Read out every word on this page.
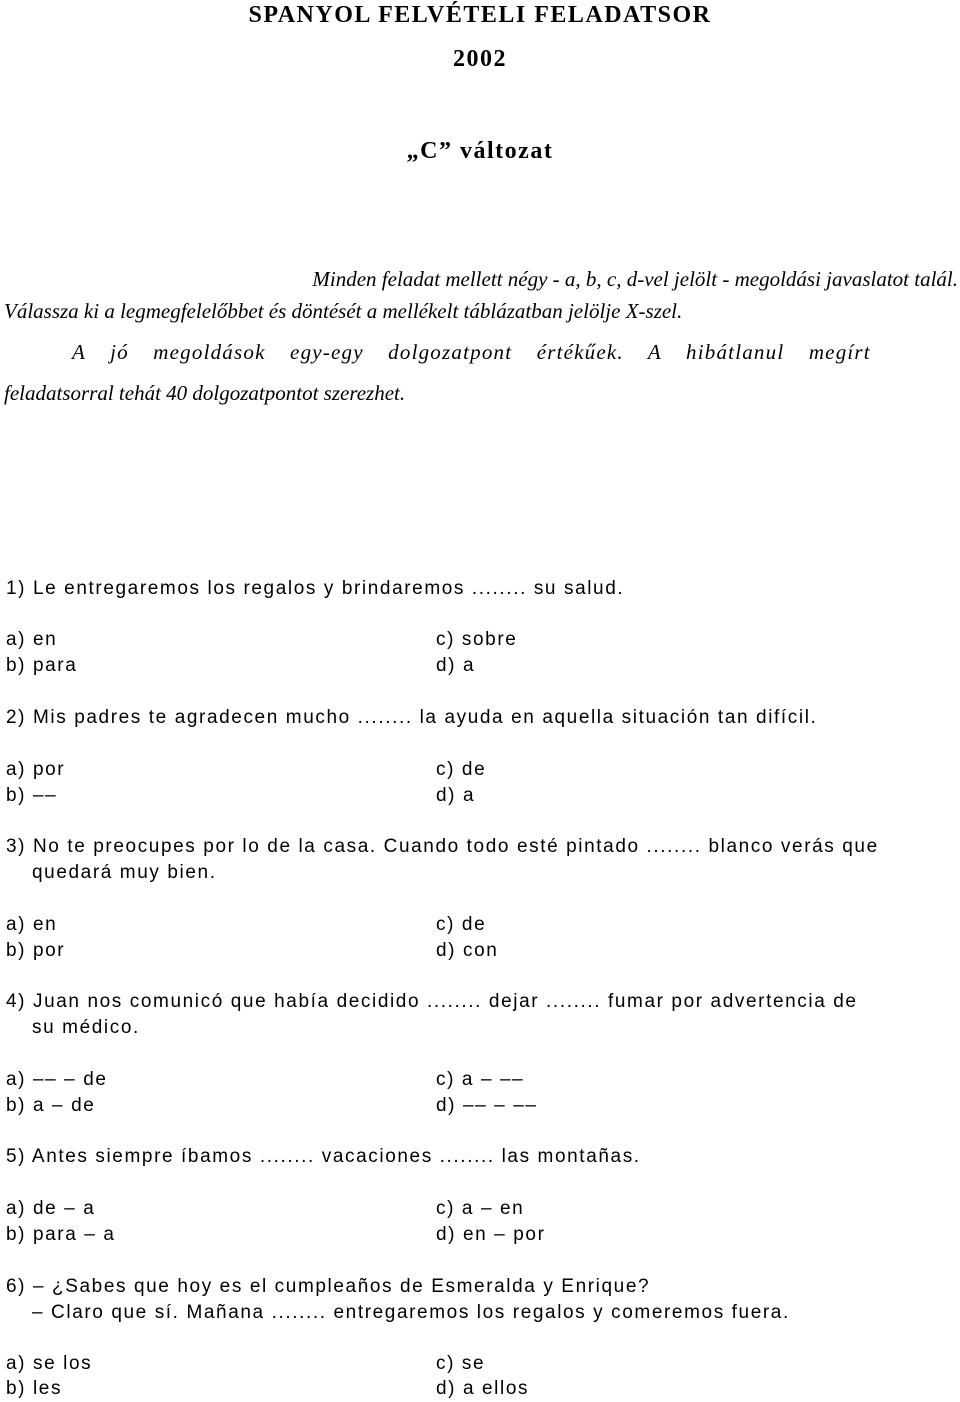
SPANYOL FELVÉTELI FELADATSOR
2002
„C” változat
Minden feladat mellett négy - a, b, c, d-vel jelölt - megoldási javaslatot talál.
Válassza ki a legmegfelelőbbet és döntését a mellékelt táblázatban jelölje X-szel.
A jó megoldások egy-egy dolgozatpont értékűek. A hibátlanul megírt
feladatsorral tehát 40 dolgozatpontot szerezhet.
1) Le entregaremos los regalos y brindaremos ........ su salud.
a) en	c) sobre
b) para	d) a
2) Mis padres te agradecen mucho ........ la ayuda en aquella situación tan difícil.
a) por	c) de
b) ––	d) a
3) No te preocupes por lo de la casa. Cuando todo esté pintado ........ blanco verás que
quedará muy bien.
a) en	c) de
b) por	d) con
4) Juan nos comunicó que había decidido ........ dejar ........ fumar por advertencia de
su médico.
a) –– – de	c) a – ––
b) a – de	d) –– – ––
5) Antes siempre íbamos ........ vacaciones ........ las montañas.
a) de – a	c) a – en
b) para – a	d) en – por
6) – ¿Sabes que hoy es el cumpleaños de Esmeralda y Enrique?
– Claro que sí. Mañana ........ entregaremos los regalos y comeremos fuera.
a) se los	c) se
b) les	d) a ellos
